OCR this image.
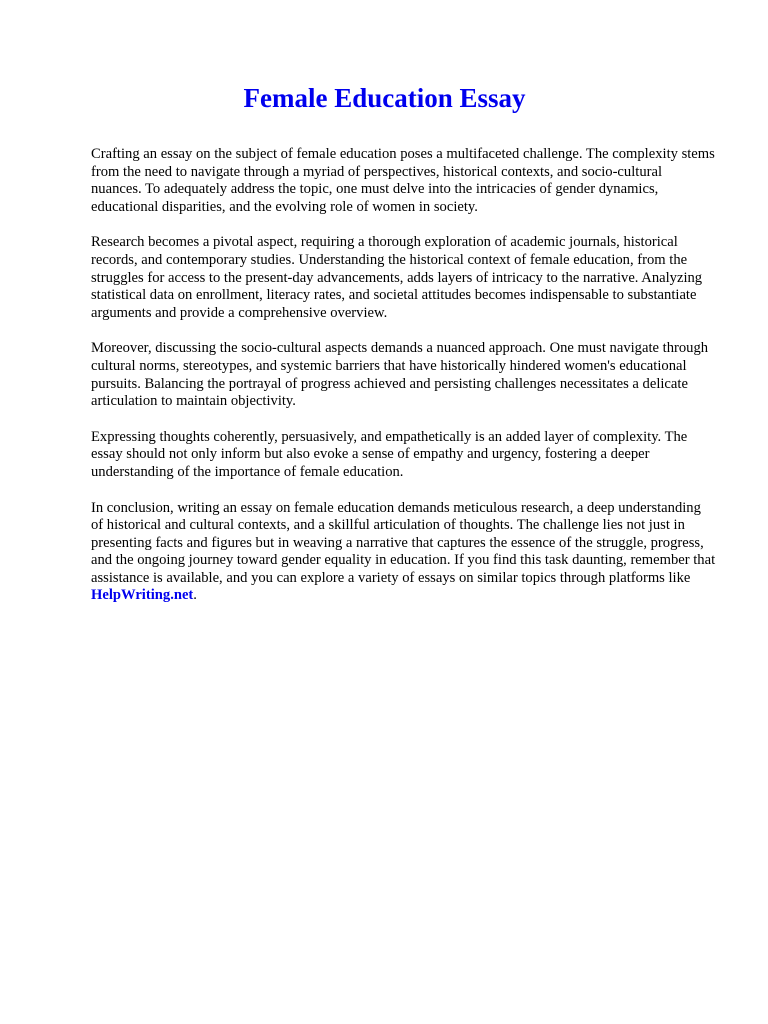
Female Education Essay

Crafting an essay on the subject of female education poses a multifaceted challenge. The complexity stems from the need to navigate through a myriad of perspectives, historical contexts, and socio-cultural nuances. To adequately address the topic, one must delve into the intricacies of gender dynamics, educational disparities, and the evolving role of women in society.

Research becomes a pivotal aspect, requiring a thorough exploration of academic journals, historical records, and contemporary studies. Understanding the historical context of female education, from the struggles for access to the present-day advancements, adds layers of intricacy to the narrative. Analyzing statistical data on enrollment, literacy rates, and societal attitudes becomes indispensable to substantiate arguments and provide a comprehensive overview.

Moreover, discussing the socio-cultural aspects demands a nuanced approach. One must navigate through cultural norms, stereotypes, and systemic barriers that have historically hindered women's educational pursuits. Balancing the portrayal of progress achieved and persisting challenges necessitates a delicate articulation to maintain objectivity.

Expressing thoughts coherently, persuasively, and empathetically is an added layer of complexity. The essay should not only inform but also evoke a sense of empathy and urgency, fostering a deeper understanding of the importance of female education.

In conclusion, writing an essay on female education demands meticulous research, a deep understanding of historical and cultural contexts, and a skillful articulation of thoughts. The challenge lies not just in presenting facts and figures but in weaving a narrative that captures the essence of the struggle, progress, and the ongoing journey toward gender equality in education. If you find this task daunting, remember that assistance is available, and you can explore a variety of essays on similar topics through platforms like HelpWriting.net.
